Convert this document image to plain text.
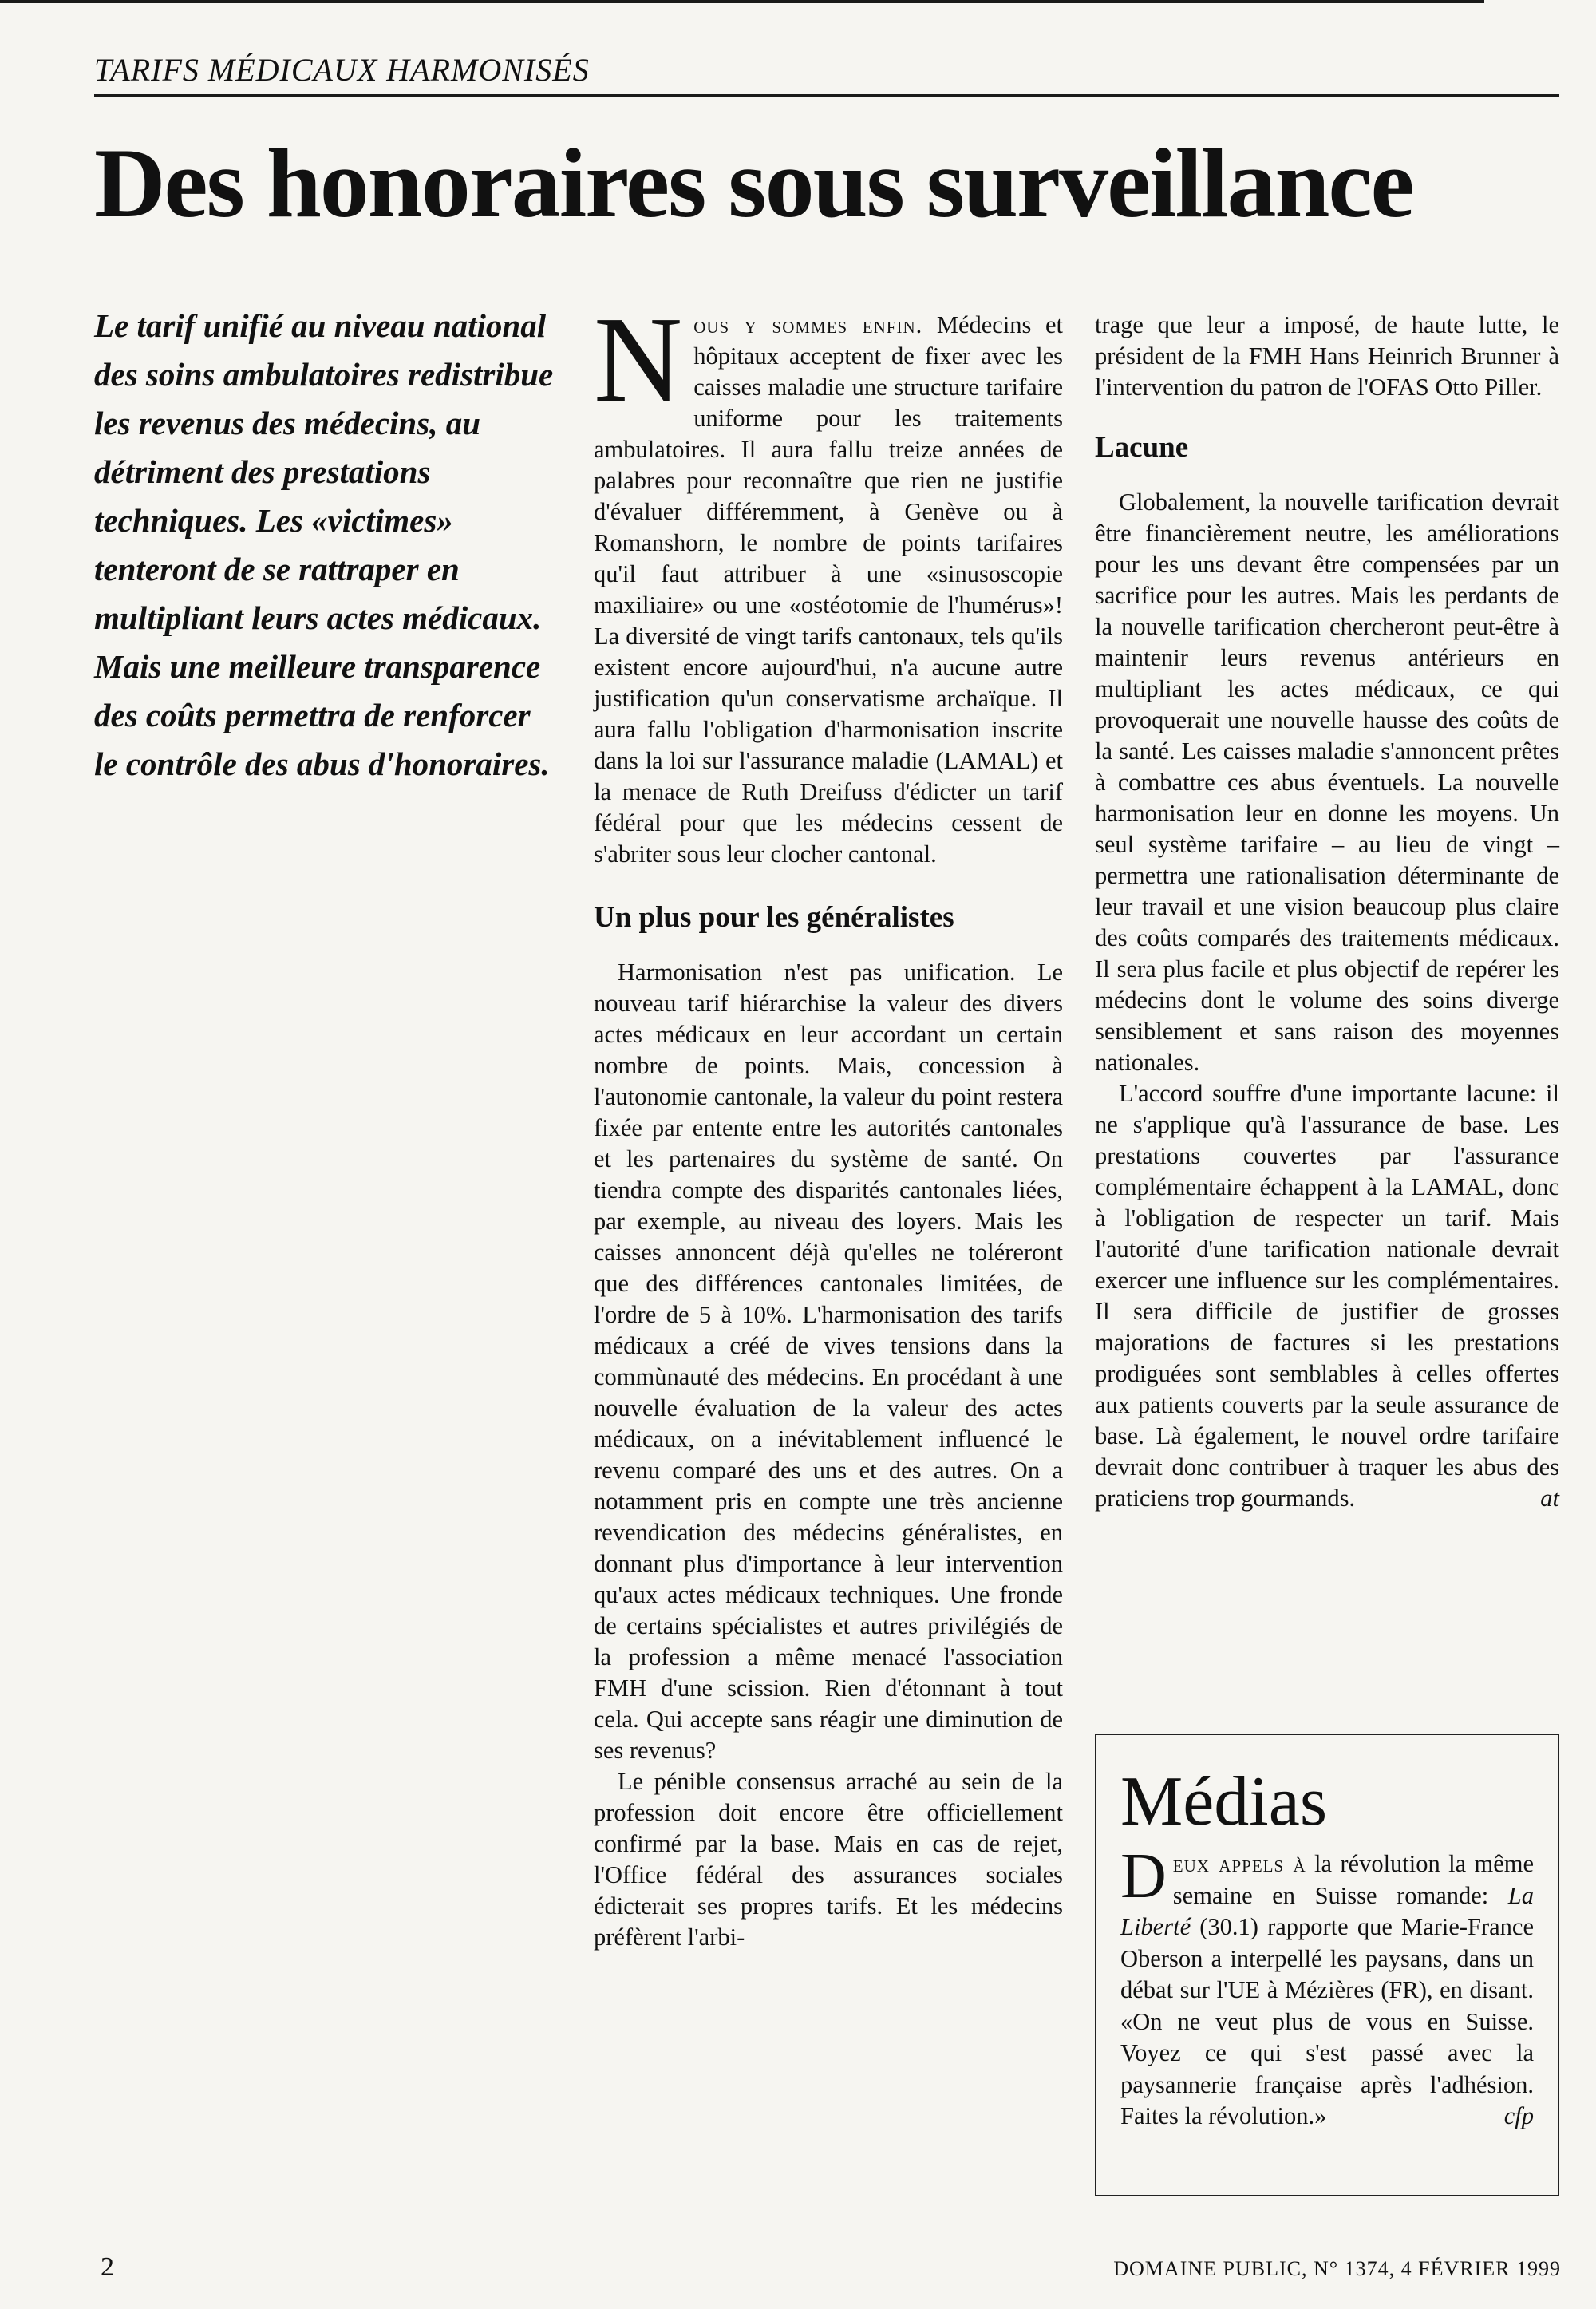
TARIFS MÉDICAUX HARMONISÉS
Des honoraires sous surveillance

Le tarif unifié au niveau national des soins ambulatoires redistribue les revenus des médecins, au détriment des prestations techniques. Les «victimes» tenteront de se rattraper en multipliant leurs actes médicaux. Mais une meilleure transparence des coûts permettra de renforcer le contrôle des abus d'honoraires.

Nous y sommes enfin. Médecins et hôpitaux acceptent de fixer avec les caisses maladie une structure tarifaire uniforme pour les traitements ambulatoires. Il aura fallu treize années de palabres pour reconnaître que rien ne justifie d'évaluer différemment, à Genève ou à Romanshorn, le nombre de points tarifaires qu'il faut attribuer à une «sinusoscopie maxiliaire» ou une «ostéotomie de l'humérus»! La diversité de vingt tarifs cantonaux, tels qu'ils existent encore aujourd'hui, n'a aucune autre justification qu'un conservatisme archaïque. Il aura fallu l'obligation d'harmonisation inscrite dans la loi sur l'assurance maladie (LAMAL) et la menace de Ruth Dreifuss d'édicter un tarif fédéral pour que les médecins cessent de s'abriter sous leur clocher cantonal.

Un plus pour les généralistes

Harmonisation n'est pas unification. Le nouveau tarif hiérarchise la valeur des divers actes médicaux en leur accordant un certain nombre de points. Mais, concession à l'autonomie cantonale, la valeur du point restera fixée par entente entre les autorités cantonales et les partenaires du système de santé. On tiendra compte des disparités cantonales liées, par exemple, au niveau des loyers. Mais les caisses annoncent déjà qu'elles ne toléreront que des différences cantonales limitées, de l'ordre de 5 à 10%. L'harmonisation des tarifs médicaux a créé de vives tensions dans la commùnauté des médecins. En procédant à une nouvelle évaluation de la valeur des actes médicaux, on a inévitablement influencé le revenu comparé des uns et des autres. On a notamment pris en compte une très ancienne revendication des médecins généralistes, en donnant plus d'importance à leur intervention qu'aux actes médicaux techniques. Une fronde de certains spécialistes et autres privilégiés de la profession a même menacé l'association FMH d'une scission. Rien d'étonnant à tout cela. Qui accepte sans réagir une diminution de ses revenus?

Le pénible consensus arraché au sein de la profession doit encore être officiellement confirmé par la base. Mais en cas de rejet, l'Office fédéral des assurances sociales édicterait ses propres tarifs. Et les médecins préfèrent l'arbi-

trage que leur a imposé, de haute lutte, le président de la FMH Hans Heinrich Brunner à l'intervention du patron de l'OFAS Otto Piller.

Lacune

Globalement, la nouvelle tarification devrait être financièrement neutre, les améliorations pour les uns devant être compensées par un sacrifice pour les autres. Mais les perdants de la nouvelle tarification chercheront peut-être à maintenir leurs revenus antérieurs en multipliant les actes médicaux, ce qui provoquerait une nouvelle hausse des coûts de la santé. Les caisses maladie s'annoncent prêtes à combattre ces abus éventuels. La nouvelle harmonisation leur en donne les moyens. Un seul système tarifaire – au lieu de vingt – permettra une rationalisation déterminante de leur travail et une vision beaucoup plus claire des coûts comparés des traitements médicaux. Il sera plus facile et plus objectif de repérer les médecins dont le volume des soins diverge sensiblement et sans raison des moyennes nationales.

L'accord souffre d'une importante lacune: il ne s'applique qu'à l'assurance de base. Les prestations couvertes par l'assurance complémentaire échappent à la LAMAL, donc à l'obligation de respecter un tarif. Mais l'autorité d'une tarification nationale devrait exercer une influence sur les complémentaires. Il sera difficile de justifier de grosses majorations de factures si les prestations prodiguées sont semblables à celles offertes aux patients couverts par la seule assurance de base. Là également, le nouvel ordre tarifaire devrait donc contribuer à traquer les abus des praticiens trop gourmands.	at

Médias

Deux appels à la révolution la même semaine en Suisse romande: La Liberté (30.1) rapporte que Marie-France Oberson a interpellé les paysans, dans un débat sur l'UE à Mézières (FR), en disant. «On ne veut plus de vous en Suisse. Voyez ce qui s'est passé avec la paysannerie française après l'adhésion. Faites la révolution.»	cfp

2	DOMAINE PUBLIC, N° 1374, 4 FÉVRIER 1999
